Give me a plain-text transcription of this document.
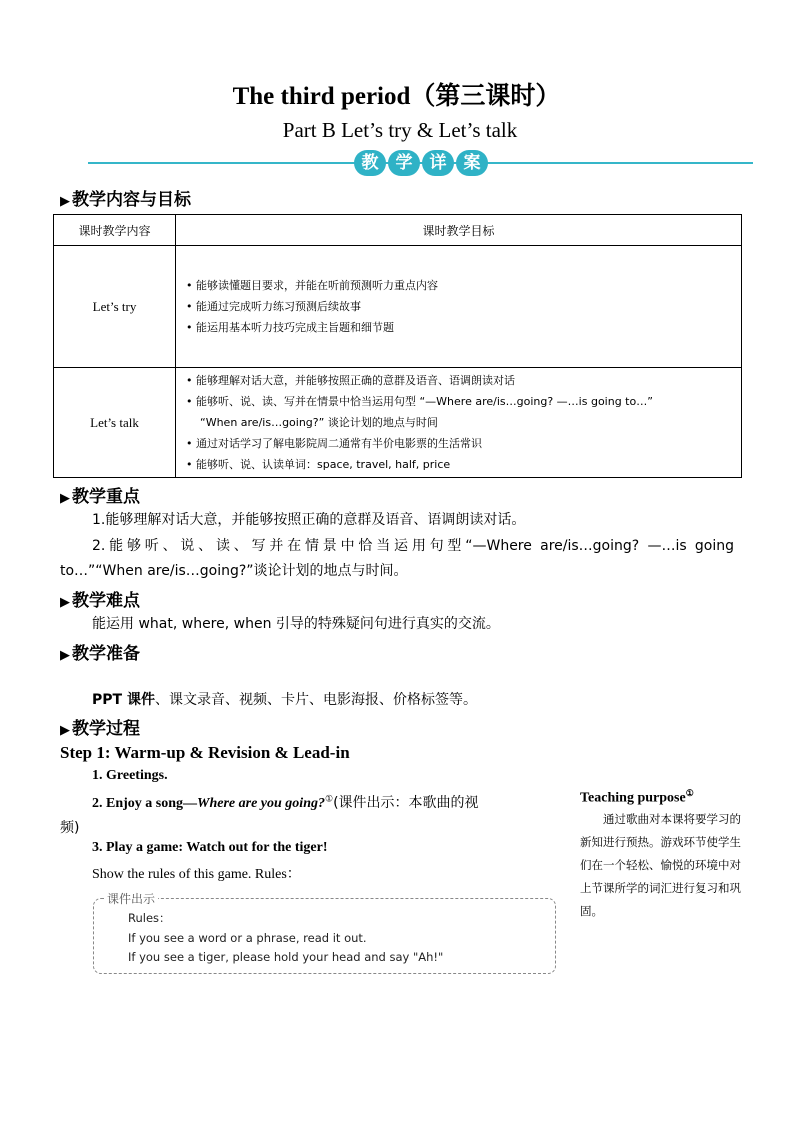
The third period（第三课时）
Part B Let’s try & Let’s talk
教 学 详 案
▶ 教学内容与目标
课时教学内容	课时教学目标
Let’s try	• 能够读懂题目要求，并能在听前预测听力重点内容
• 能通过完成听力练习预测后续故事
• 能运用基本听力技巧完成主旨题和细节题

Let’s talk	• 能够理解对话大意，并能够按照正确的意群及语音、语调朗读对话
• 能够听、说、读、写并在情景中恰当运用句型 “—Where are/is…going? —…is going to…”
“When are/is…going?” 谈论计划的地点与时间
• 通过对话学习了解电影院周二通常有半价电影票的生活常识
• 能够听、说、认读单词：space, travel, half, price
▶ 教学重点
1.能够理解对话大意，并能够按照正确的意群及语音、语调朗读对话。
2.能够听、说、读、写并在情景中恰当运用句型“—Where are/is…going? —…is going
to…”“When are/is…going?”谈论计划的地点与时间。
▶ 教学难点
能运用 what, where, when 引导的特殊疑问句进行真实的交流。
▶ 教学准备
PPT 课件、课文录音、视频、卡片、电影海报、价格标签等。
▶ 教学过程
Step 1: Warm-up & Revision & Lead-in
1. Greetings.
2. Enjoy a song—Where are you going?①(课件出示：本歌曲的视
频)
3. Play a game: Watch out for the tiger!
Show the rules of this game. Rules：
课件出示
Rules：
If you see a word or a phrase, read it out.
If you see a tiger, please hold your head and say "Ah!"
Teaching purpose①
通过歌曲对本课将要学习的新知进行预热。游戏环节使学生们在一个轻松、愉悦的环境中对上节课所学的词汇进行复习和巩固。
